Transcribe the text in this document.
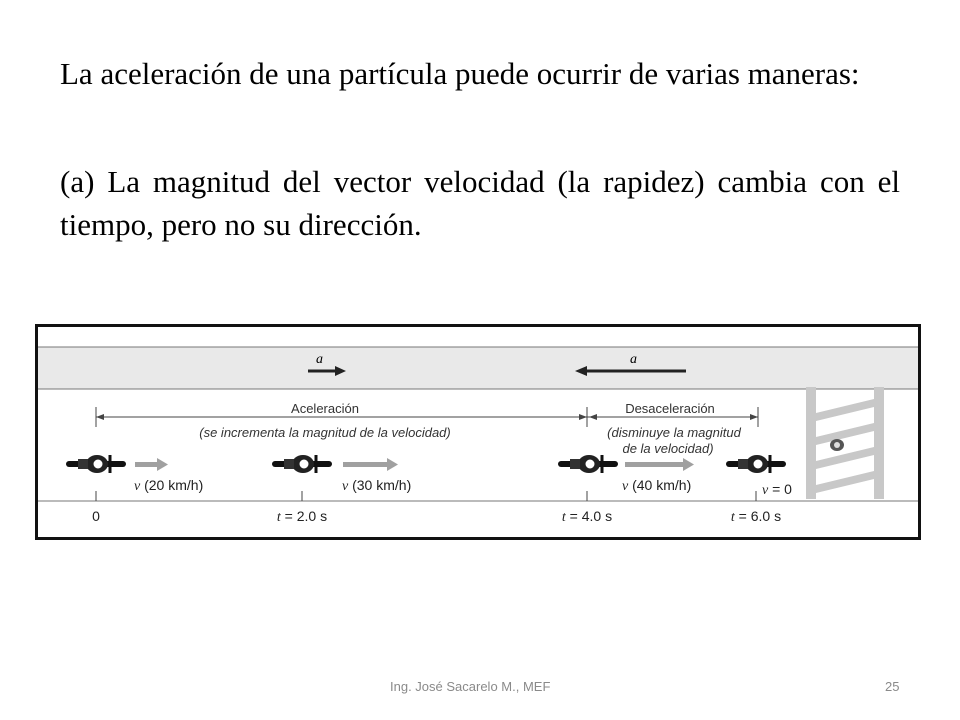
La aceleración de una partícula puede ocurrir de varias maneras:

(a) La magnitud del vector velocidad (la rapidez) cambia con el tiempo, pero no su dirección.

a	a
Aceleración
(se incrementa la magnitud de la velocidad)
Desaceleración
(disminuye la magnitud
de la velocidad)
v (20 km/h)	v (30 km/h)	v (40 km/h)	v = 0
0	t = 2.0 s	t = 4.0 s	t = 6.0 s
Ing. José Sacarelo M., MEF	25
